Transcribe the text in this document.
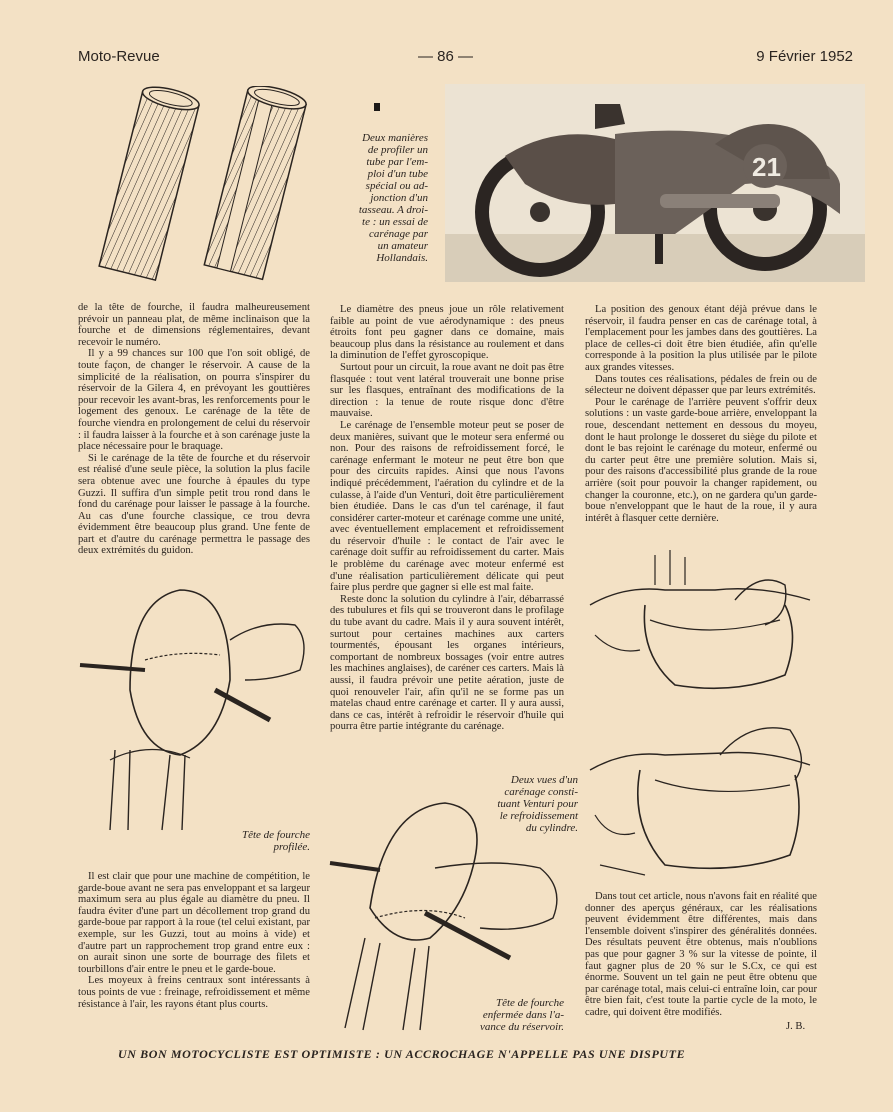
Moto-Revue	— 86 —	9 Février 1952

Deux manières

de profiler un

tube par l'em-

ploi d'un tube

spécial ou ad-

jonction d'un

tasseau. A droi-

te : un essai de

carénage par

un amateur

Hollandais.

21

de la tête de fourche, il faudra malheureusement prévoir un panneau plat, de même inclinaison que la fourche et de dimensions réglementaires, devant recevoir le numéro.

Il y a 99 chances sur 100 que l'on soit obligé, de toute façon, de changer le réservoir. A cause de la simplicité de la réalisation, on pourra s'inspirer du réservoir de la Gilera 4, en prévoyant les gouttières pour recevoir les avant-bras, les renforcements pour le logement des genoux. Le carénage de la tête de fourche viendra en prolongement de celui du réservoir : il faudra laisser à la fourche et à son carénage juste la place nécessaire pour le braquage.

Si le carénage de la tête de fourche et du réservoir est réalisé d'une seule pièce, la solution la plus facile sera obtenue avec une fourche à épaules du type Guzzi. Il suffira d'un simple petit trou rond dans le fond du carénage pour laisser le passage à la fourche. Au cas d'une fourche classique, ce trou devra évidemment être beaucoup plus grand. Une fente de part et d'autre du carénage permettra le passage des deux extrémités du guidon.

Tête de fourche

profilée.

Il est clair que pour une machine de compétition, le garde-boue avant ne sera pas enveloppant et sa largeur maximum sera au plus égale au diamètre du pneu. Il faudra éviter d'une part un décollement trop grand du garde-boue par rapport à la roue (tel celui existant, par exemple, sur les Guzzi, tout au moins à vide) et d'autre part un rapprochement trop grand entre eux : on aurait sinon une sorte de bourrage des filets et tourbillons d'air entre le pneu et le garde-boue.

Les moyeux à freins centraux sont intéressants à tous points de vue : freinage, refroidissement et même résistance à l'air, les rayons étant plus courts.

Le diamètre des pneus joue un rôle relativement faible au point de vue aérodynamique : des pneus étroits font peu gagner dans ce domaine, mais beaucoup plus dans la résistance au roulement et dans la diminution de l'effet gyroscopique.

Surtout pour un circuit, la roue avant ne doit pas être flasquée : tout vent latéral trouverait une bonne prise sur les flasques, entraînant des modifications de la direction : la tenue de route risque donc d'être mauvaise.

Le carénage de l'ensemble moteur peut se poser de deux manières, suivant que le moteur sera enfermé ou non. Pour des raisons de refroidissement forcé, le carénage enfermant le moteur ne peut être bon que pour des circuits rapides. Ainsi que nous l'avons indiqué précédemment, l'aération du cylindre et de la culasse, à l'aide d'un Venturi, doit être particulièrement bien étudiée. Dans le cas d'un tel carénage, il faut considérer carter-moteur et carénage comme une unité, avec éventuellement emplacement et refroidissement du réservoir d'huile : le contact de l'air avec le carénage doit suffir au refroidissement du carter. Mais le problème du carénage avec moteur enfermé est d'une réalisation particulièrement délicate qui peut faire plus perdre que gagner si elle est mal faite.

Reste donc la solution du cylindre à l'air, débarrassé des tubulures et fils qui se trouveront dans le profilage du tube avant du cadre. Mais il y aura souvent intérêt, surtout pour certaines machines aux carters tourmentés, épousant les organes intérieurs, comportant de nombreux bossages (voir entre autres les machines anglaises), de caréner ces carters. Mais là aussi, il faudra prévoir une petite aération, juste de quoi renouveler l'air, afin qu'il ne se forme pas un matelas chaud entre carénage et carter. Il y aura aussi, dans ce cas, intérêt à refroidir le réservoir d'huile qui pourra être partie intégrante du carénage.

Deux vues d'un

carénage consti-

tuant Venturi pour

le refroidissement

du cylindre.

Tête de fourche

enfermée dans l'a-

vance du réservoir.

La position des genoux étant déjà prévue dans le réservoir, il faudra penser en cas de carénage total, à l'emplacement pour les jambes dans des gouttières. La place de celles-ci doit être bien étudiée, afin qu'elle corresponde à la position la plus utilisée par le pilote aux grandes vitesses.

Dans toutes ces réalisations, pédales de frein ou de sélecteur ne doivent dépasser que par leurs extrémités.

Pour le carénage de l'arrière peuvent s'offrir deux solutions : un vaste garde-boue arrière, enveloppant la roue, descendant nettement en dessous du moyeu, dont le haut prolonge le dosseret du siège du pilote et dont le bas rejoint le carénage du moteur, enfermé ou du carter peut être une première solution. Mais si, pour des raisons d'accessibilité plus grande de la roue arrière (soit pour pouvoir la changer rapidement, ou changer la couronne, etc.), on ne gardera qu'un garde-boue n'enveloppant que le haut de la roue, il y aura intérêt à flasquer cette dernière.

Dans tout cet article, nous n'avons fait en réalité que donner des aperçus généraux, car les réalisations peuvent évidemment être différentes, mais dans l'ensemble doivent s'inspirer des généralités données. Des résultats peuvent être obtenus, mais n'oublions pas que pour gagner 3 % sur la vitesse de pointe, il faut gagner plus de 20 % sur le S.Cx, ce qui est énorme. Souvent un tel gain ne peut être obtenu que par carénage total, mais celui-ci entraîne loin, car pour être bien fait, c'est toute la partie cycle de la moto, le cadre, qui doivent être modifiés.

J. B.
UN BON MOTOCYCLISTE EST OPTIMISTE : UN ACCROCHAGE N'APPELLE PAS UNE DISPUTE
